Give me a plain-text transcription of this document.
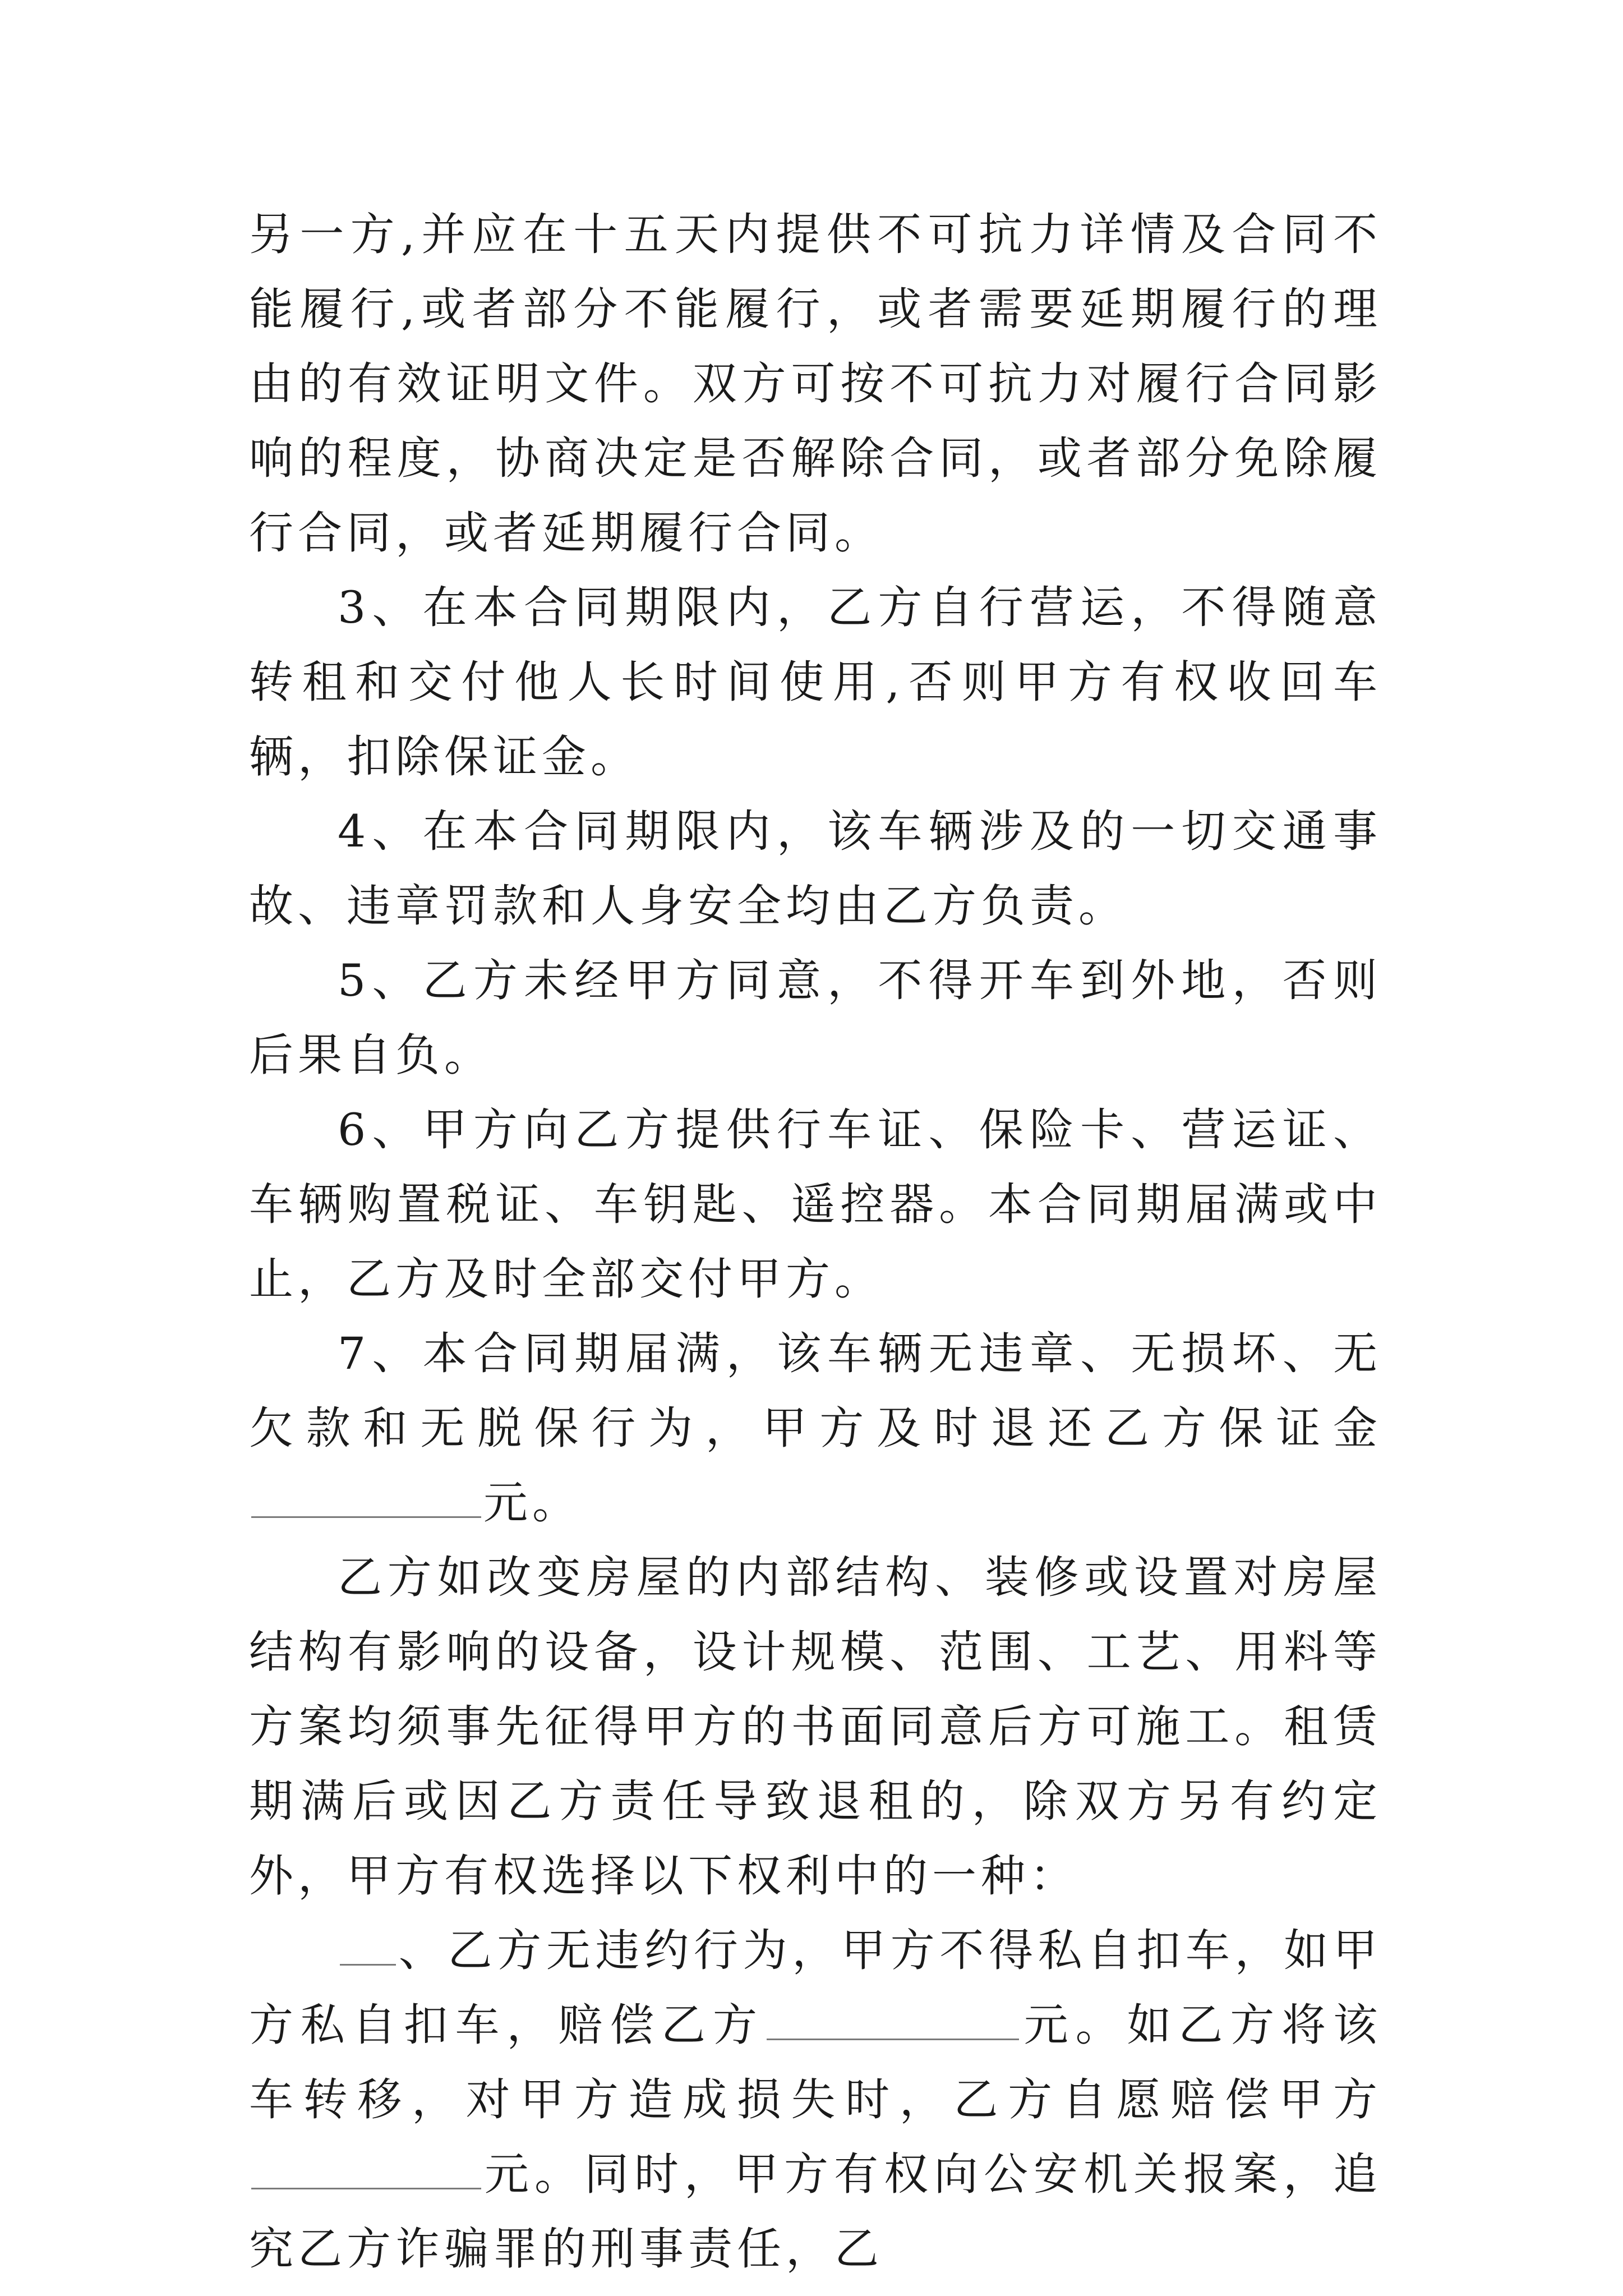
另一方,并应在十五天内提供不可抗力详情及合同不能履行,或者部分不能履行，或者需要延期履行的理由的有效证明文件。双方可按不可抗力对履行合同影响的程度，协商决定是否解除合同，或者部分免除履行合同，或者延期履行合同。

3、在本合同期限内，乙方自行营运，不得随意转租和交付他人长时间使用,否则甲方有权收回车辆，扣除保证金。

4、在本合同期限内，该车辆涉及的一切交通事故、违章罚款和人身安全均由乙方负责。

5、乙方未经甲方同意，不得开车到外地，否则后果自负。

6、甲方向乙方提供行车证、保险卡、营运证、车辆购置税证、车钥匙、遥控器。本合同期届满或中止，乙方及时全部交付甲方。

7、本合同期届满，该车辆无违章、无损坏、无欠款和无脱保行为，甲方及时退还乙方保证金元。

乙方如改变房屋的内部结构、装修或设置对房屋结构有影响的设备，设计规模、范围、工艺、用料等方案均须事先征得甲方的书面同意后方可施工。租赁期满后或因乙方责任导致退租的，除双方另有约定外，甲方有权选择以下权利中的一种：

、乙方无违约行为，甲方不得私自扣车，如甲方私自扣车，赔偿乙方	元。如乙方将该车转移，对甲方造成损失时，乙方自愿赔偿甲方元。同时，甲方有权向公安机关报案，追究乙方诈骗罪的刑事责任，乙
